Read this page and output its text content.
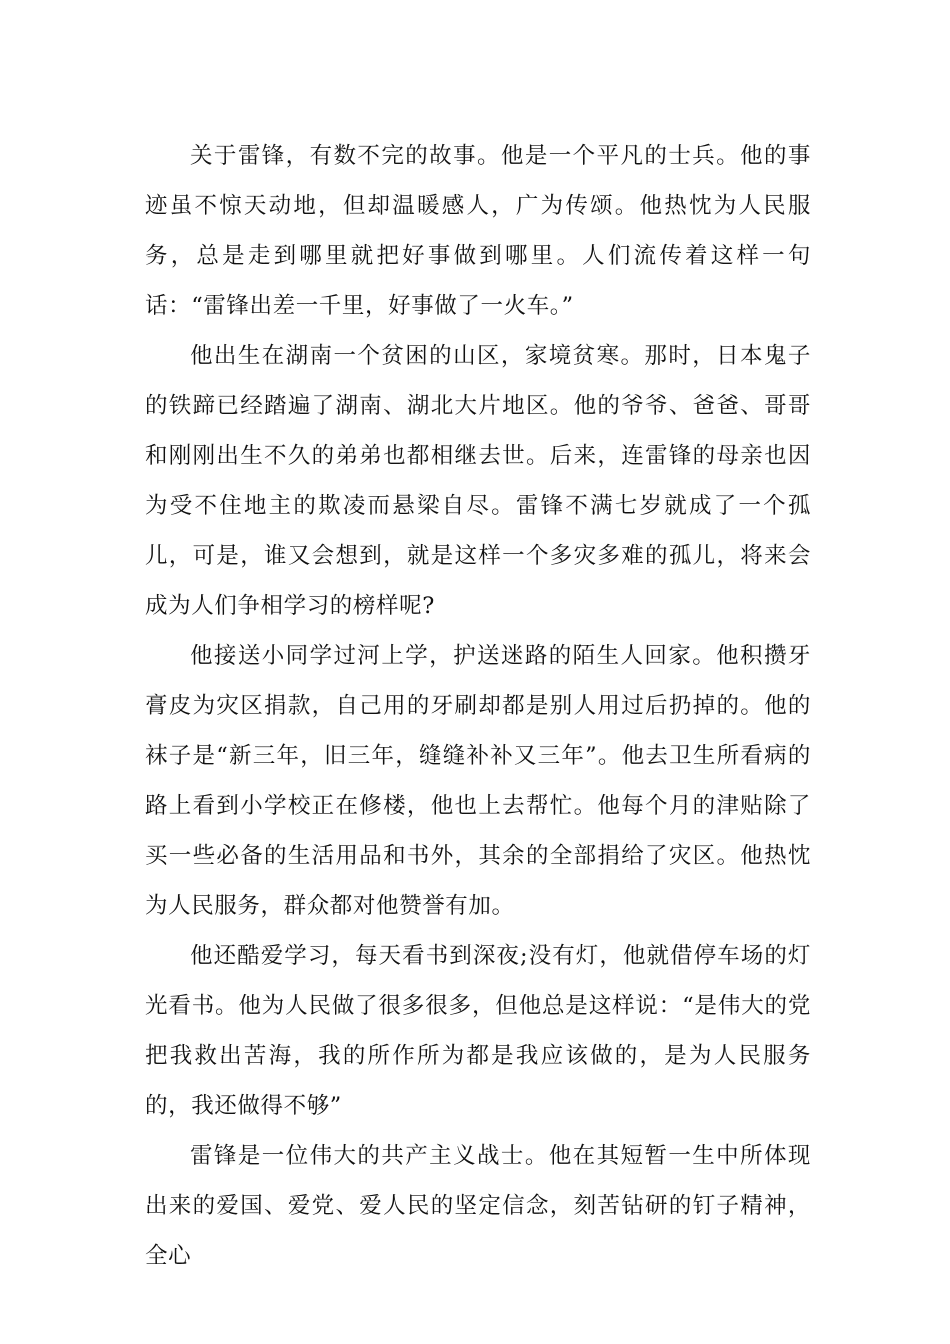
关于雷锋，有数不完的故事。他是一个平凡的士兵。他的事迹虽不惊天动地，但却温暖感人，广为传颂。他热忱为人民服务，总是走到哪里就把好事做到哪里。人们流传着这样一句话：“雷锋出差一千里，好事做了一火车。”

他出生在湖南一个贫困的山区，家境贫寒。那时，日本鬼子的铁蹄已经踏遍了湖南、湖北大片地区。他的爷爷、爸爸、哥哥和刚刚出生不久的弟弟也都相继去世。后来，连雷锋的母亲也因为受不住地主的欺凌而悬梁自尽。雷锋不满七岁就成了一个孤儿，可是，谁又会想到，就是这样一个多灾多难的孤儿，将来会成为人们争相学习的榜样呢?

他接送小同学过河上学，护送迷路的陌生人回家。他积攒牙膏皮为灾区捐款，自己用的牙刷却都是别人用过后扔掉的。他的袜子是“新三年，旧三年，缝缝补补又三年”。他去卫生所看病的路上看到小学校正在修楼，他也上去帮忙。他每个月的津贴除了买一些必备的生活用品和书外，其余的全部捐给了灾区。他热忱为人民服务，群众都对他赞誉有加。

他还酷爱学习，每天看书到深夜;没有灯，他就借停车场的灯光看书。他为人民做了很多很多，但他总是这样说：“是伟大的党把我救出苦海，我的所作所为都是我应该做的，是为人民服务的，我还做得不够”

雷锋是一位伟大的共产主义战士。他在其短暂一生中所体现出来的爱国、爱党、爱人民的坚定信念，刻苦钻研的钉子精神，全心
